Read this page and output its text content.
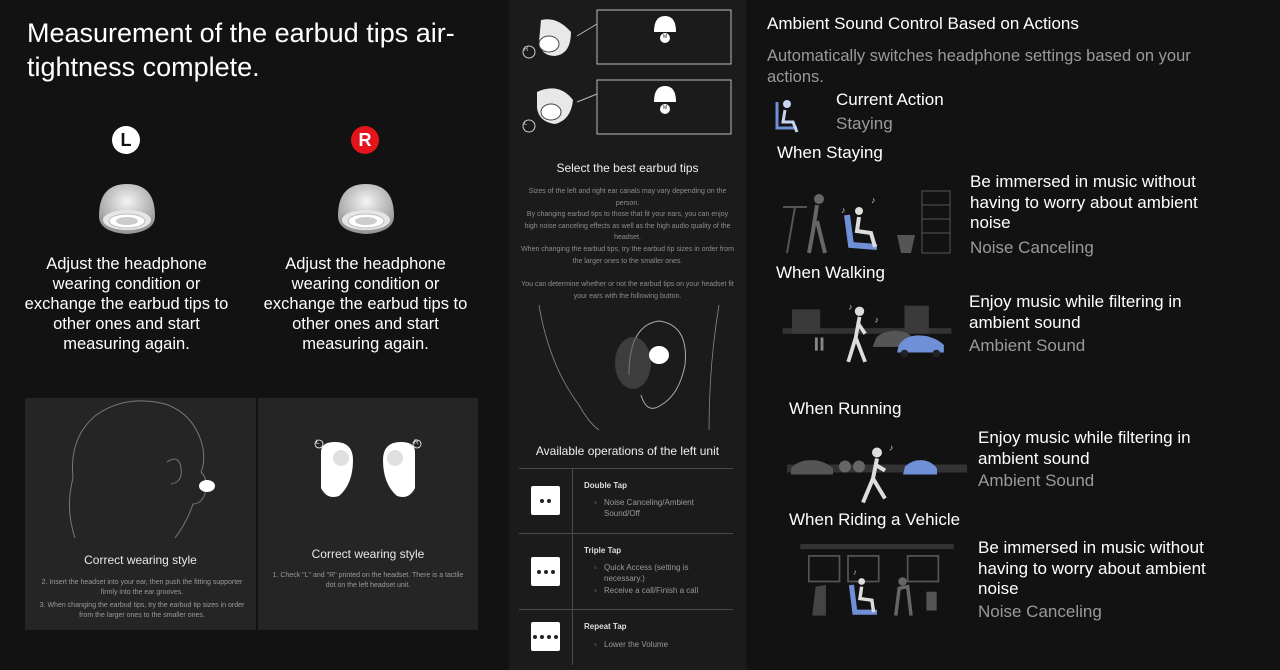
Measurement of the earbud tips air-tightness complete.
L	R
Adjust the headphone wearing condition or exchange the earbud tips to other ones and start measuring again.
Adjust the headphone wearing condition or exchange the earbud tips to other ones and start measuring again.
Correct wearing style
2. Insert the headset into your ear, then push the fitting supporter firmly into the ear grooves.
3. When changing the earbud tips, try the earbud tip sizes in order from the larger ones to the smaller ones.
L	R
Correct wearing style
1. Check "L" and "R" printed on the headset. There is a tactile dot on the left headset unit.
R
L
M
M
Select the best earbud tips
Sizes of the left and right ear canals may vary depending on the person.
By changing earbud tips to those that fit your ears, you can enjoy high noise canceling effects as well as the high audio quality of the headset.
When changing the earbud tips, try the earbud tip sizes in order from the larger ones to the smaller ones.
You can determine whether or not the earbud tips on your headset fit your ears with the following button.
Available operations of the left unit
Double Tap
◦ Noise Canceling/Ambient Sound/Off
Triple Tap
◦ Quick Access (setting is necessary.)
◦ Receive a call/Finish a call
Repeat Tap
◦ Lower the Volume
Ambient Sound Control Based on Actions
Automatically switches headphone settings based on your actions.
Current Action
Staying
When Staying
♪
♪
Be immersed in music without having to worry about ambient noise
Noise Canceling
When Walking
♪
♪
Enjoy music while filtering in ambient sound
Ambient Sound
When Running
♪
Enjoy music while filtering in ambient sound
Ambient Sound
When Riding a Vehicle
♪
Be immersed in music without having to worry about ambient noise
Noise Canceling
